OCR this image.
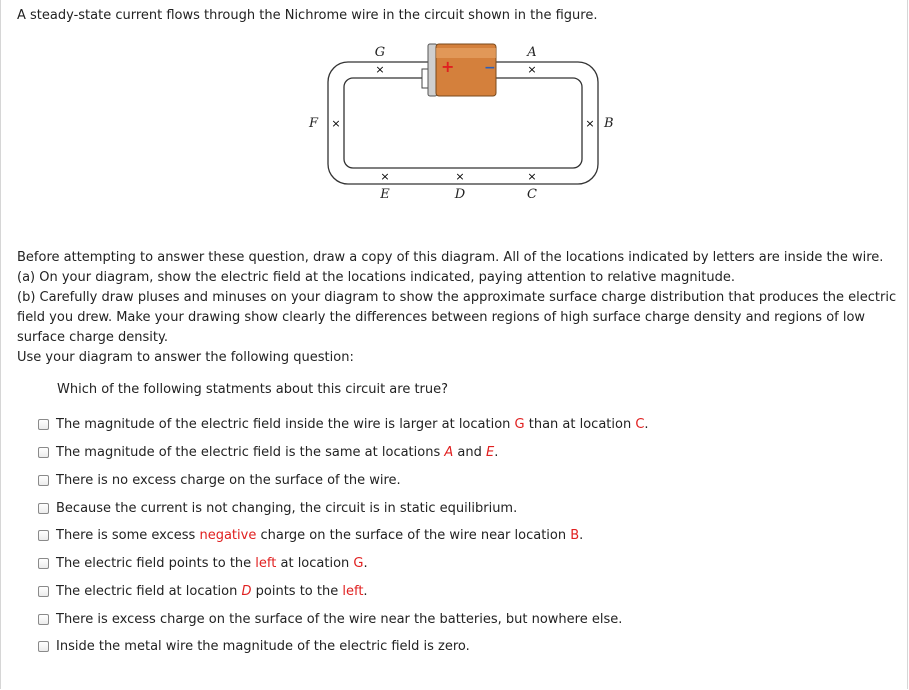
A steady-state current flows through the Nichrome wire in the circuit shown in the figure.
+ −
G
×
A
×
F ×	B
×
×
E
×
D
×
C

Before attempting to answer these question, draw a copy of this diagram. All of the locations indicated by letters are inside the wire.

(a) On your diagram, show the electric field at the locations indicated, paying attention to relative magnitude.

(b) Carefully draw pluses and minuses on your diagram to show the approximate surface charge distribution that produces the electric field you drew. Make your drawing show clearly the differences between regions of high surface charge density and regions of low surface charge density.

Use your diagram to answer the following question:

Which of the following statments about this circuit are true?
The magnitude of the electric field inside the wire is larger at location G than at location C.
The magnitude of the electric field is the same at locations A and E.
There is no excess charge on the surface of the wire.
Because the current is not changing, the circuit is in static equilibrium.
There is some excess negative charge on the surface of the wire near location B.
The electric field points to the left at location G.
The electric field at location D points to the left.
There is excess charge on the surface of the wire near the batteries, but nowhere else.
Inside the metal wire the magnitude of the electric field is zero.
